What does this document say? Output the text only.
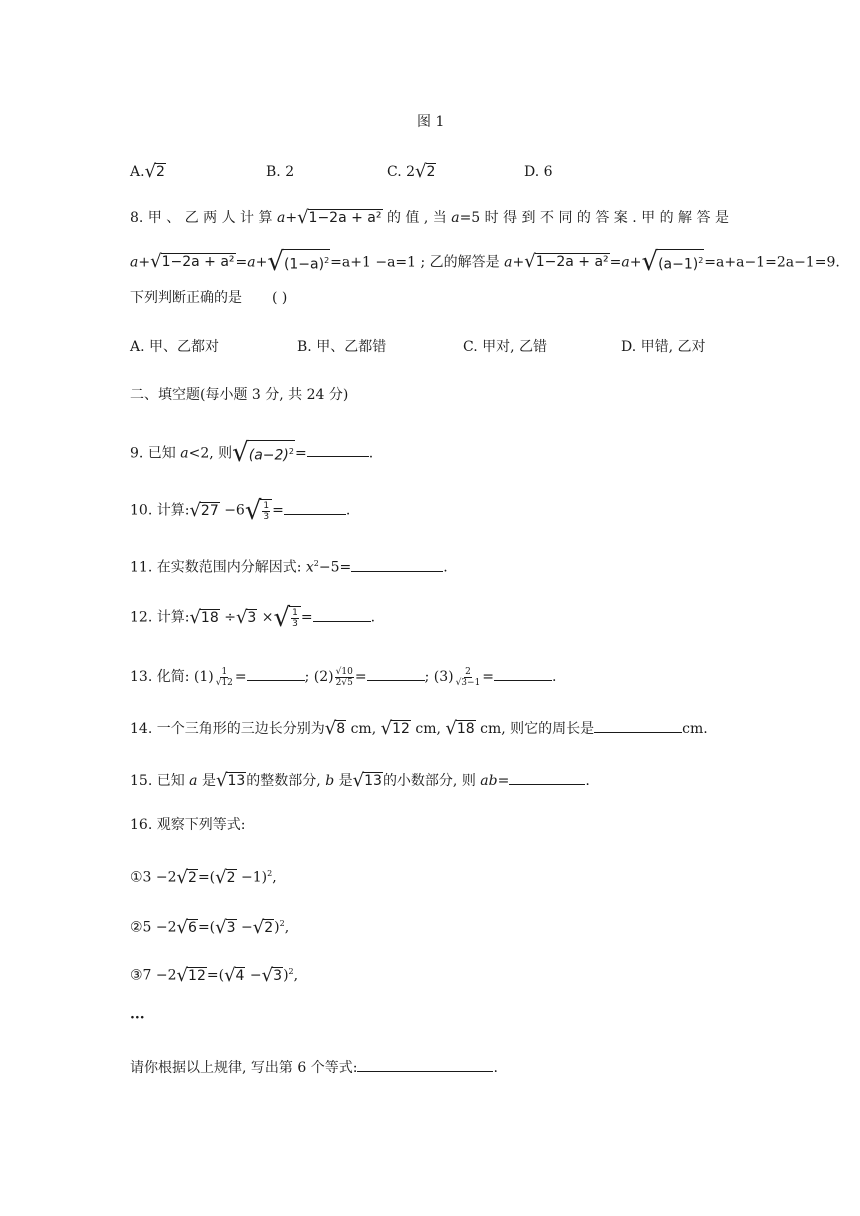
图 1
A.√2	B. 2	C. 2√2	D. 6
8. 甲 、 乙 两 人 计 算 a+√1−2a + a² 的 值 , 当 a=5 时 得 到 不 同 的 答 案 . 甲 的 解 答 是
$a+√1-2a + a^2=a+√(1-a)^2=a+1 -a=1$ ; 乙的解答是 $a+√1-2a + a^2=a+√(a-1)^2=a+a-1=2a-1=9$.
下列判断正确的是 ( )
A. 甲、乙都对	B. 甲、乙都错	C. 甲对, 乙错	D. 甲错, 乙对
二、填空题(每小题 3 分, 共 24 分)
9. 已知 a<2, 则$√(a-2)^2=$	.
10. 计算:√27 $-6√ \frac{1}{3}$ =	.
11. 在实数范围内分解因式: $x^2-5=$	.
12. 计算:√18 ÷√3 ×√ $\frac{1}{3}$ =	.
13. 化简: $(1) \frac{1}{√12}$ =	; $(2) \frac{√10}{2√5}$ =	; $(3) \frac{2}{√3-1}$ =	.
14. 一个三角形的三边长分别为√8 cm, √12 cm, √18 cm, 则它的周长是	cm.
15. 已知 a 是√13的整数部分, b 是√13的小数部分, 则 ab=	.
16. 观察下列等式:
①3 $-2√2=(√2 -1)^2$,
②5 $-2√6=(√3 -√2)^2$,
③7 $-2√12=(√4 -√3)^2$,
···
请你根据以上规律, 写出第 6 个等式:	.
